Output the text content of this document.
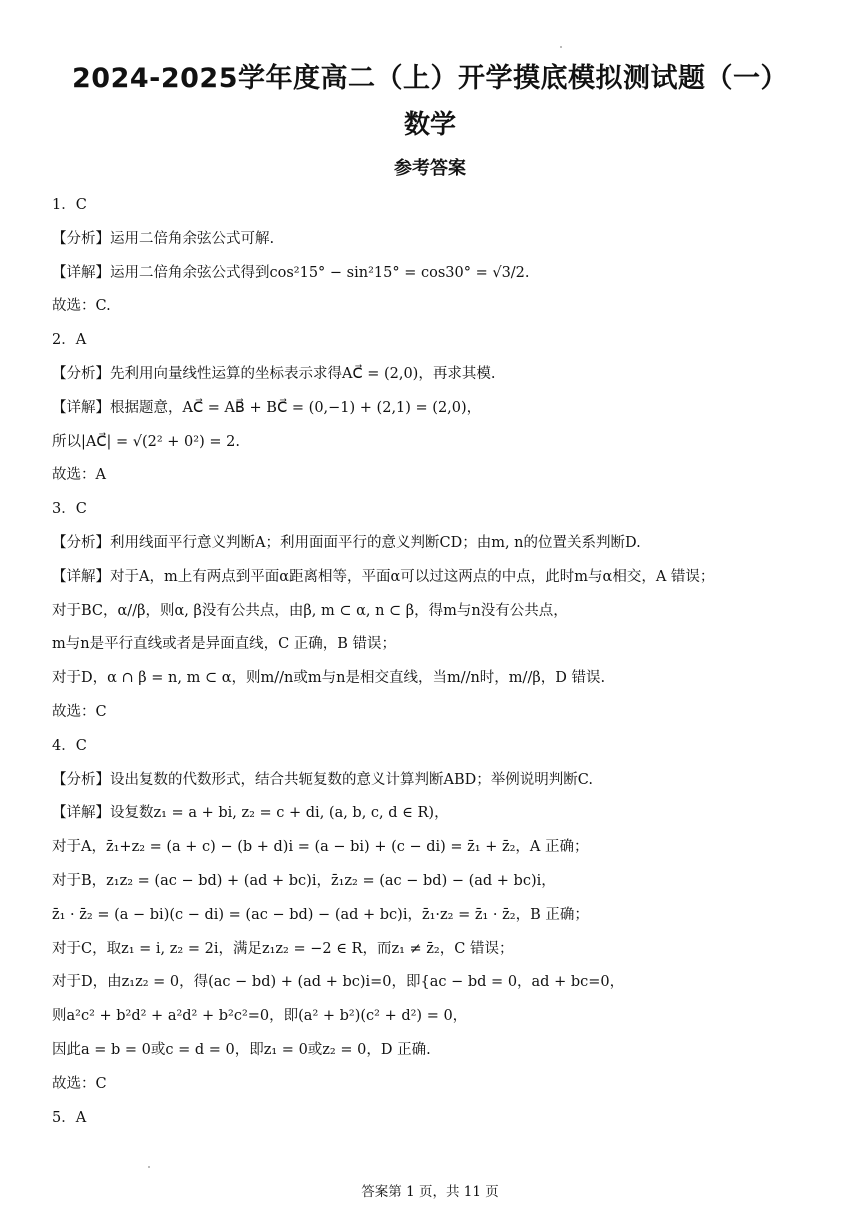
2024-2025学年度高二（上）开学摸底模拟测试题（一）
数学
参考答案
1．C
【分析】运用二倍角余弦公式可解.
【详解】运用二倍角余弦公式得到cos²15° − sin²15° = cos30° = √3/2.
故选：C.
2．A
【分析】先利用向量线性运算的坐标表示求得AC⃗ = (2,0)，再求其模.
【详解】根据题意，AC⃗ = AB⃗ + BC⃗ = (0,−1) + (2,1) = (2,0)，
所以|AC⃗| = √(2² + 0²) = 2.
故选：A
3．C
【分析】利用线面平行意义判断A；利用面面平行的意义判断CD；由m, n的位置关系判断D.
【详解】对于A，m上有两点到平面α距离相等，平面α可以过这两点的中点，此时m与α相交，A 错误；
对于BC，α//β，则α, β没有公共点，由β, m ⊂ α, n ⊂ β，得m与n没有公共点，
m与n是平行直线或者是异面直线，C 正确，B 错误；
对于D，α ∩ β = n, m ⊂ α，则m//n或m与n是相交直线，当m//n时，m//β，D 错误.
故选：C
4．C
【分析】设出复数的代数形式，结合共轭复数的意义计算判断ABD；举例说明判断C.
【详解】设复数z₁ = a + bi, z₂ = c + di, (a, b, c, d ∈ R)，
对于A，z̄₁+z₂ = (a + c) − (b + d)i = (a − bi) + (c − di) = z̄₁ + z̄₂，A 正确；
对于B，z₁z₂ = (ac − bd) + (ad + bc)i，z̄₁z₂ = (ac − bd) − (ad + bc)i，
z̄₁ · z̄₂ = (a − bi)(c − di) = (ac − bd) − (ad + bc)i，z̄₁·z₂ = z̄₁ · z̄₂，B 正确；
对于C，取z₁ = i, z₂ = 2i，满足z₁z₂ = −2 ∈ R，而z₁ ≠ z̄₂，C 错误；
对于D，由z₁z₂ = 0，得(ac − bd) + (ad + bc)i=0，即{ac − bd = 0，ad + bc=0，
则a²c² + b²d² + a²d² + b²c²=0，即(a² + b²)(c² + d²) = 0，
因此a = b = 0或c = d = 0，即z₁ = 0或z₂ = 0，D 正确.
故选：C
5．A
答案第 1 页，共 11 页
